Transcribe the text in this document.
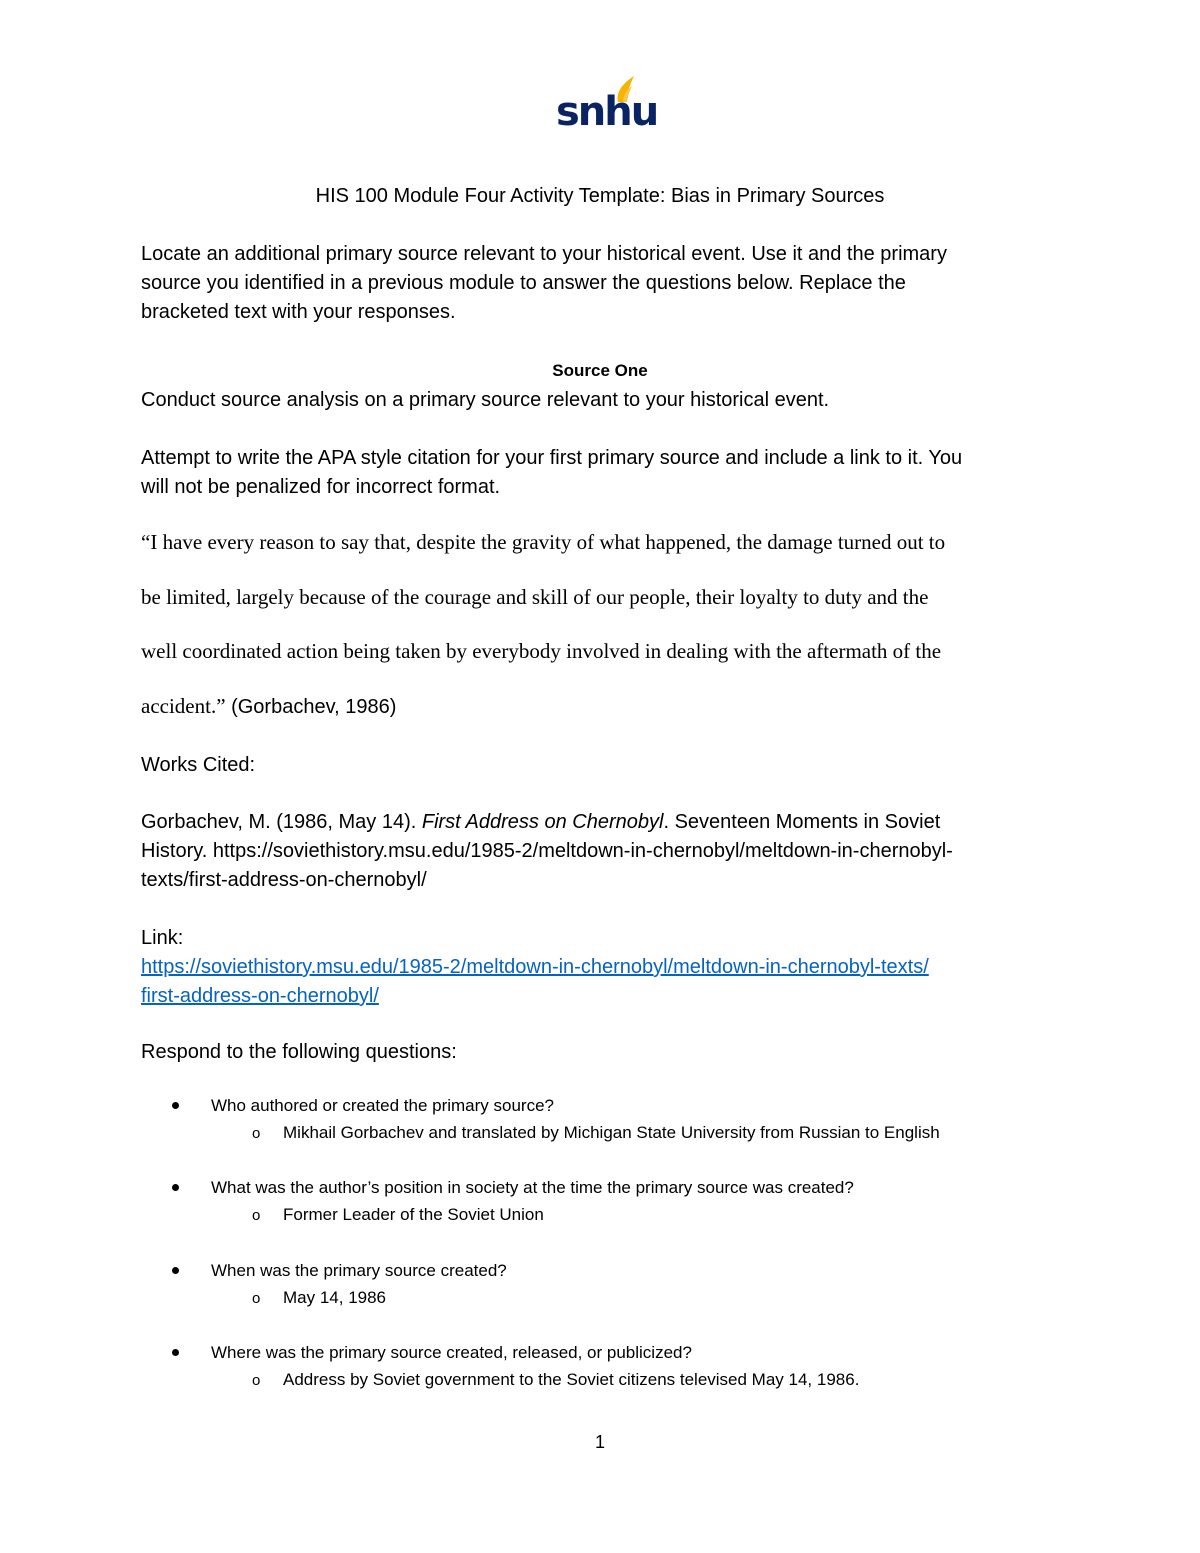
snhu
HIS 100 Module Four Activity Template: Bias in Primary Sources
Locate an additional primary source relevant to your historical event. Use it and the primary
source you identified in a previous module to answer the questions below. Replace the
bracketed text with your responses.
Source One
Conduct source analysis on a primary source relevant to your historical event.
Attempt to write the APA style citation for your first primary source and include a link to it. You
will not be penalized for incorrect format.
“I have every reason to say that, despite the gravity of what happened, the damage turned out to
be limited, largely because of the courage and skill of our people, their loyalty to duty and the
well coordinated action being taken by everybody involved in dealing with the aftermath of the
accident.” (Gorbachev, 1986)
Works Cited:
Gorbachev, M. (1986, May 14). First Address on Chernobyl. Seventeen Moments in Soviet
History. https://soviethistory.msu.edu/1985-2/meltdown-in-chernobyl/meltdown-in-chernobyl-
texts/first-address-on-chernobyl/
Link:
https://soviethistory.msu.edu/1985-2/meltdown-in-chernobyl/meltdown-in-chernobyl-texts/
first-address-on-chernobyl/
Respond to the following questions:
Who authored or created the primary source?
o Mikhail Gorbachev and translated by Michigan State University from Russian to English
What was the author’s position in society at the time the primary source was created?
o Former Leader of the Soviet Union
When was the primary source created?
o May 14, 1986
Where was the primary source created, released, or publicized?
o Address by Soviet government to the Soviet citizens televised May 14, 1986.
1
